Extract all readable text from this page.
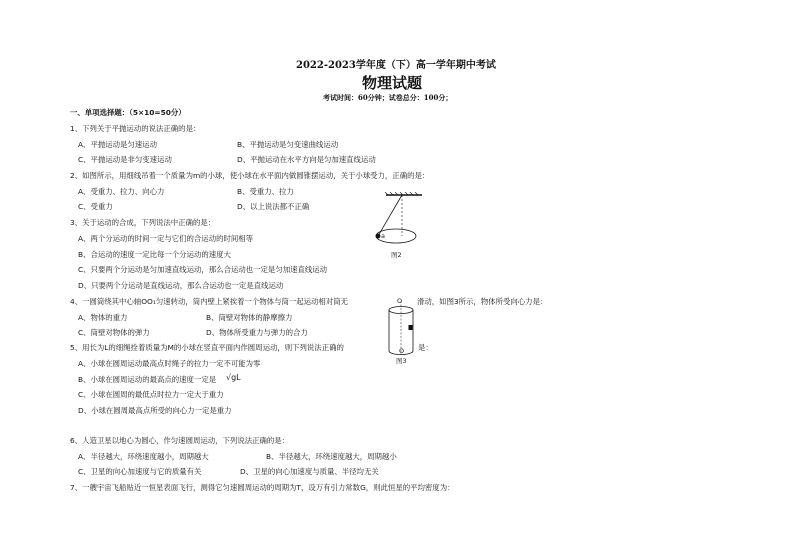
2022-2023学年度（下）高一学年期中考试
物理试题
考试时间：60分钟；试卷总分：100分；
一、单项选择题：（5×10=50分）
1、下列关于平抛运动的说法正确的是：
A、平抛运动是匀速运动	B、平抛运动是匀变速曲线运动
C、平抛运动是非匀变速运动	D、平抛运动在水平方向是匀加速直线运动
2、如图所示，用细线吊着一个质量为m的小球，使小球在水平面内做圆锥摆运动，关于小球受力，正确的是：
A、受重力、拉力、向心力	B、受重力、拉力
C、受重力	D、以上说法都不正确
a
图2
3、关于运动的合成，下列说法中正确的是：
A、两个分运动的时间一定与它们的合运动的时间相等
B、合运动的速度一定比每一个分运动的速度大
C、只要两个分运动是匀加速直线运动，那么合运动也一定是匀加速直线运动
D、只要两个分运动是直线运动，那么合运动也一定是直线运动
4、一圆筒绕其中心轴OO₁匀速转动，筒内壁上紧挨着一个物体与筒一起运动相对筒无	滑动，如图3所示，物体所受向心力是：
A、物体的重力	B、筒壁对物体的静摩擦力
C、筒壁对物体的弹力	D、物体所受重力与弹力的合力
O
O
图3
5、用长为L的细绳拴着质量为M的小球在竖直平面内作圆周运动，则下列说法正确的	是：
A、小球在圆周运动最高点时绳子的拉力一定不可能为零
B、小球在圆周运动的最高点的速度一定是 √gL
C、小球在圆周的最低点时拉力一定大于重力
D、小球在圆周最高点所受的向心力一定是重力
6、人造卫星以地心为圆心，作匀速圆周运动，下列说法正确的是：
A、半径越大，环绕速度越小，周期越大	B、半径越大，环绕速度越大，周期越小
C、卫星的向心加速度与它的质量有关	D、卫星的向心加速度与质量、半径均无关
7、一艘宇宙飞船贴近一恒星表面飞行，测得它匀速圆周运动的周期为T，设万有引力常数G，则此恒星的平均密度为：
